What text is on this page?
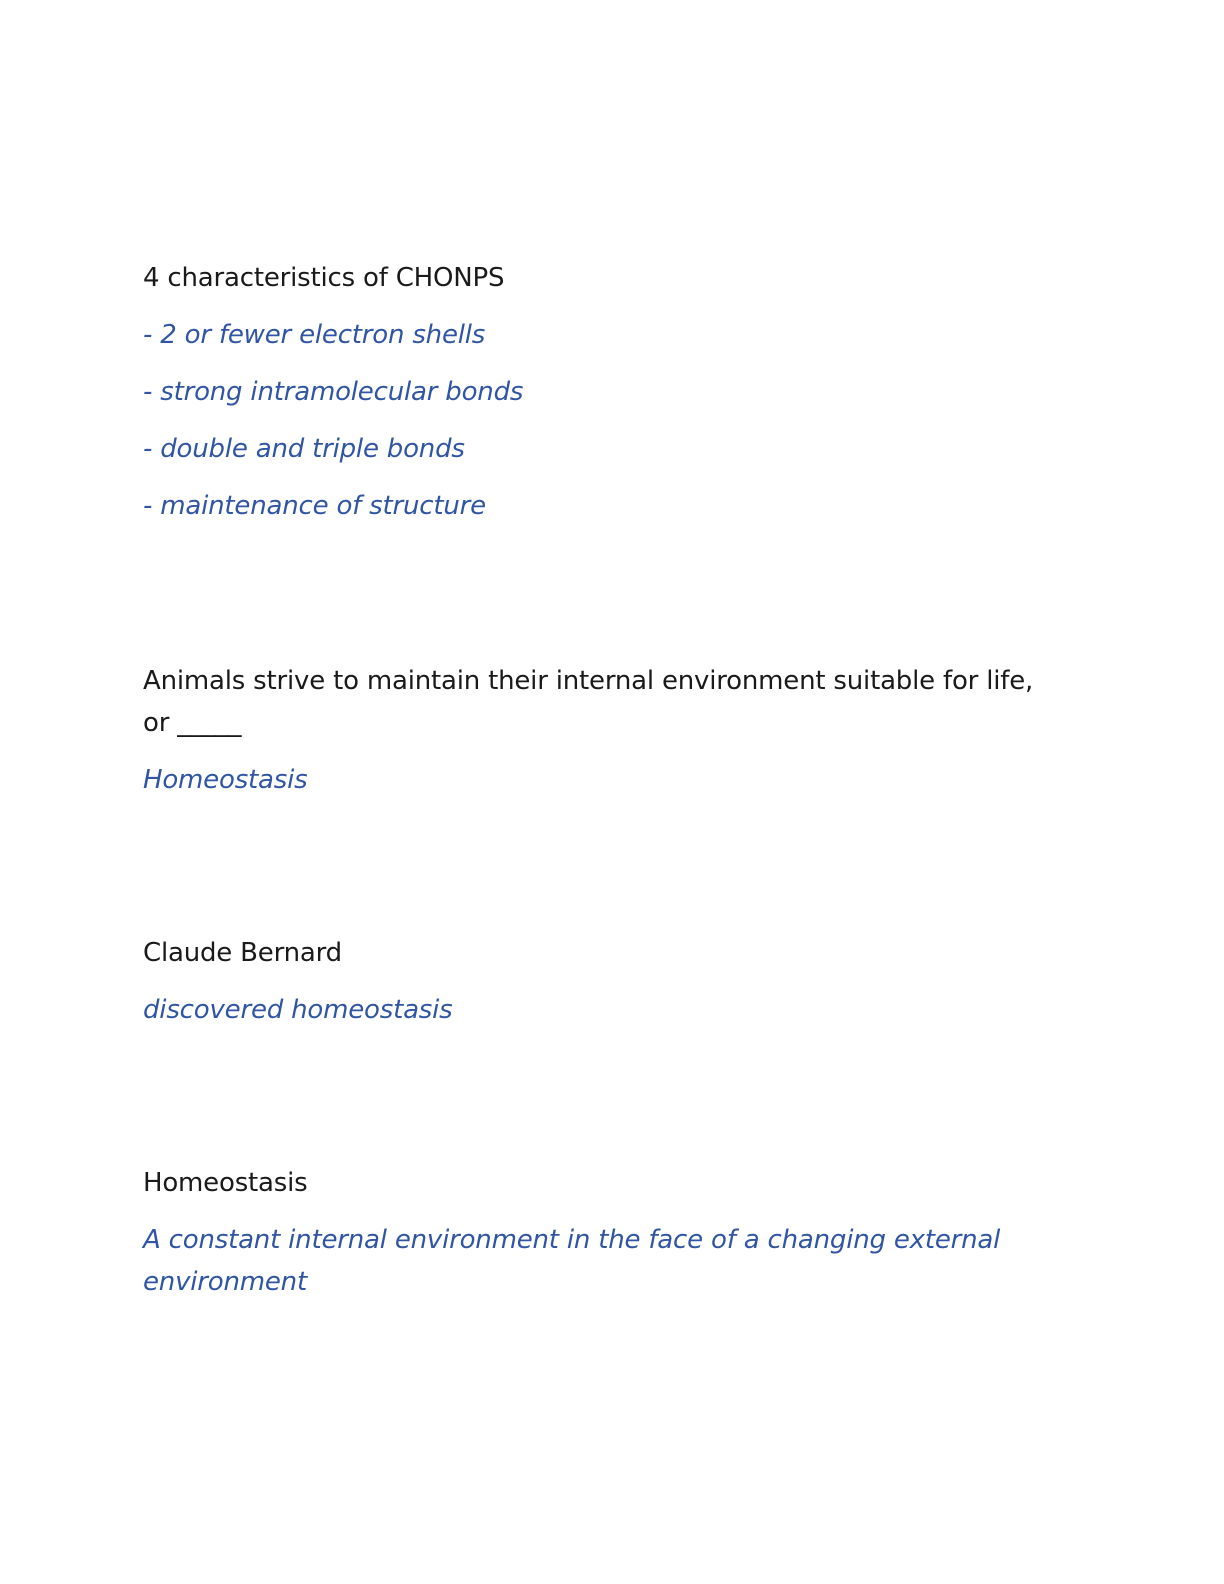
4 characteristics of CHONPS

- 2 or fewer electron shells

- strong intramolecular bonds

- double and triple bonds

- maintenance of structure

Animals strive to maintain their internal environment suitable for life, or _____

Homeostasis

Claude Bernard

discovered homeostasis

Homeostasis

A constant internal environment in the face of a changing external environment
